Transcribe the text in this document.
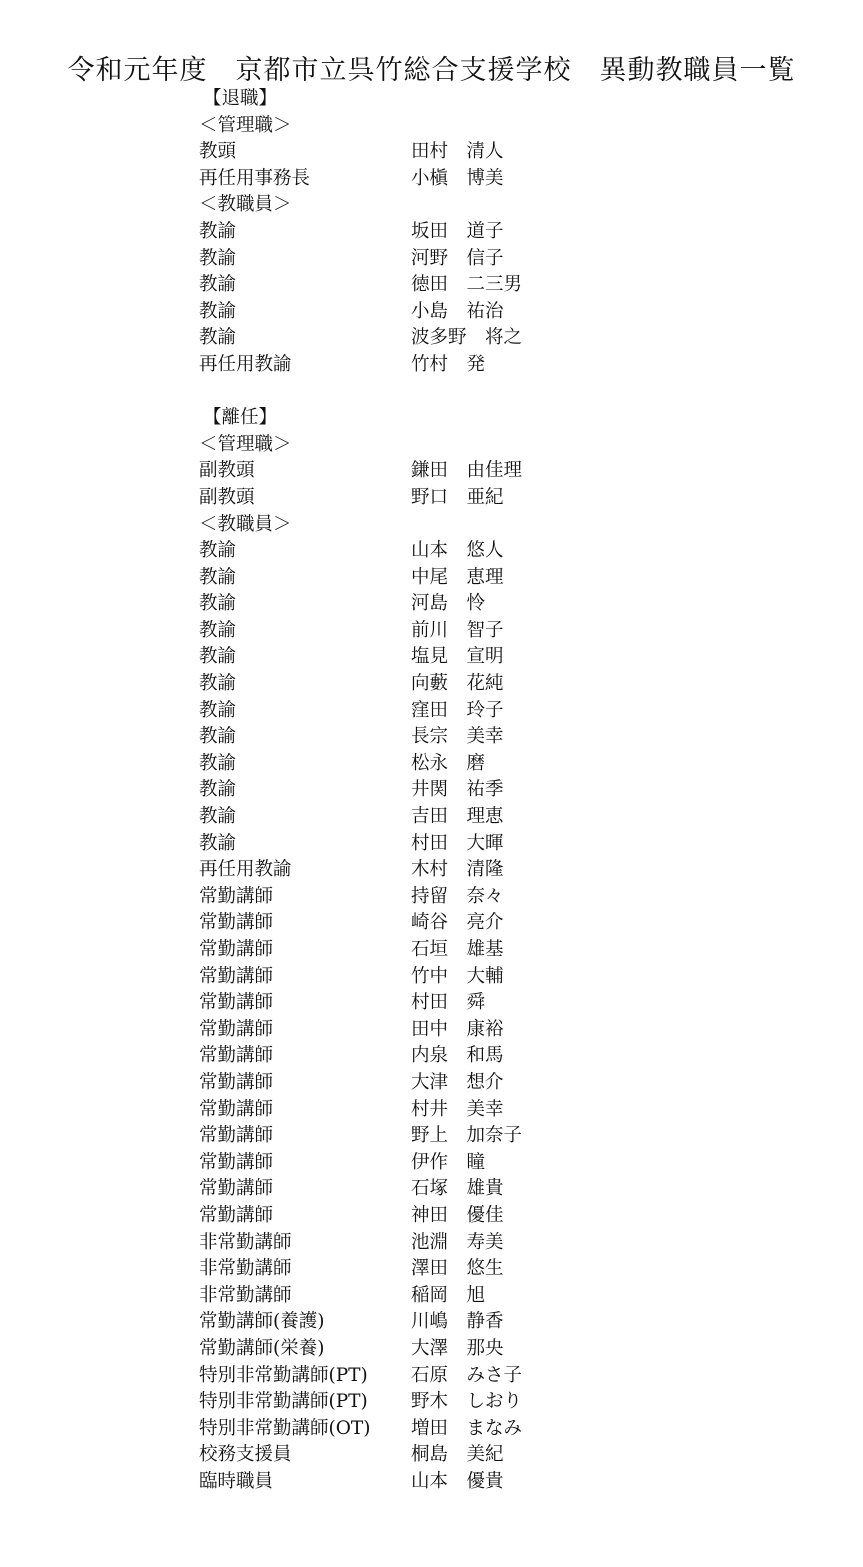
令和元年度　京都市立呉竹総合支援学校　異動教職員一覧
【退職】
＜管理職＞
教頭	田村　清人
再任用事務長	小槇　博美
＜教職員＞
教諭	坂田　道子
教諭	河野　信子
教諭	徳田　二三男
教諭	小島　祐治
教諭	波多野　将之
再任用教諭	竹村　発
【離任】
＜管理職＞
副教頭	鎌田　由佳理
副教頭	野口　亜紀
＜教職員＞
教諭	山本　悠人
教諭	中尾　恵理
教諭	河島　怜
教諭	前川　智子
教諭	塩見　宣明
教諭	向藪　花純
教諭	窪田　玲子
教諭	長宗　美幸
教諭	松永　磨
教諭	井関　祐季
教諭	吉田　理恵
教諭	村田　大暉
再任用教諭	木村　清隆
常勤講師	持留　奈々
常勤講師	崎谷　亮介
常勤講師	石垣　雄基
常勤講師	竹中　大輔
常勤講師	村田　舜
常勤講師	田中　康裕
常勤講師	内泉　和馬
常勤講師	大津　想介
常勤講師	村井　美幸
常勤講師	野上　加奈子
常勤講師	伊作　瞳
常勤講師	石塚　雄貴
常勤講師	神田　優佳
非常勤講師	池淵　寿美
非常勤講師	澤田　悠生
非常勤講師	稲岡　旭
常勤講師(養護)	川嶋　静香
常勤講師(栄養)	大澤　那央
特別非常勤講師(PT) 石原　みさ子
特別非常勤講師(PT) 野木　しおり
特別非常勤講師(OT) 増田　まなみ
校務支援員	桐島　美紀
臨時職員	山本　優貴
